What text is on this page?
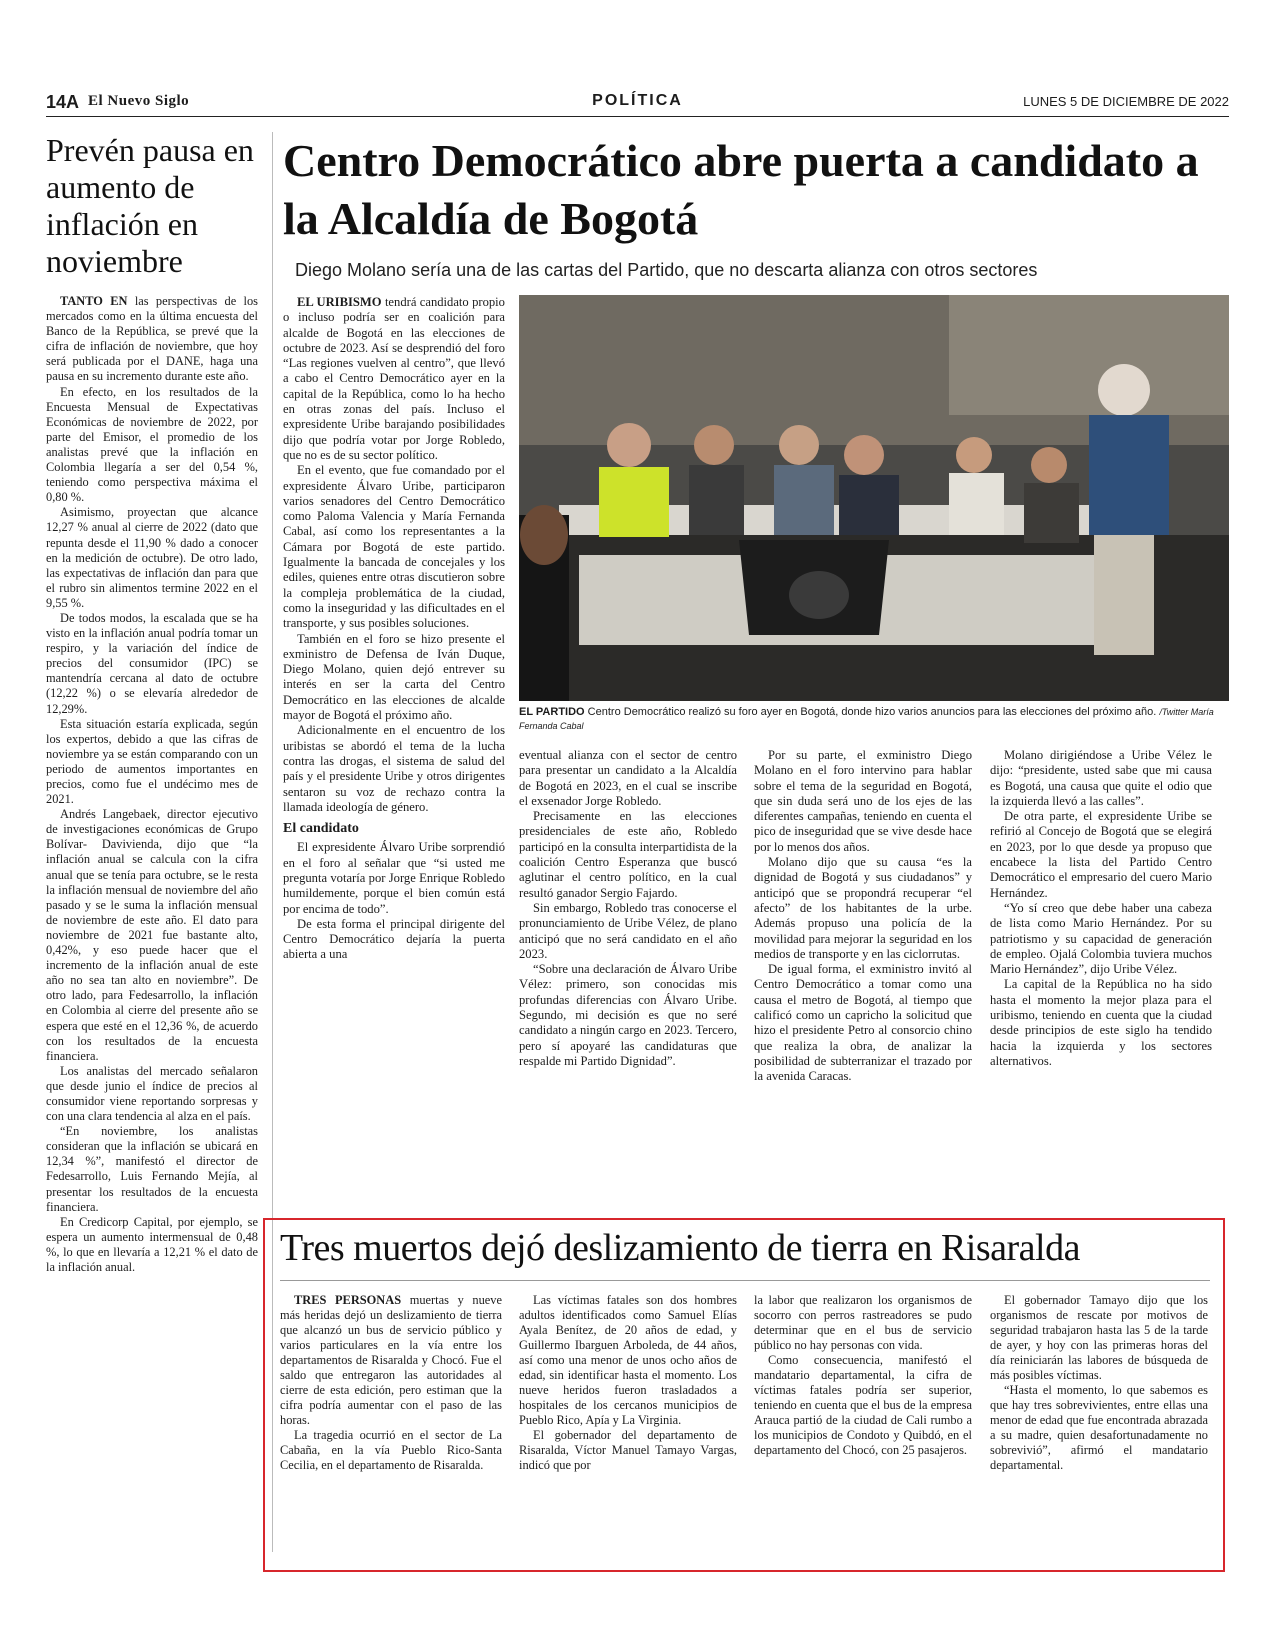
14A El Nuevo Siglo	POLÍTICA	LUNES 5 DE DICIEMBRE DE 2022
Prevén pausa en aumento de inflación en noviembre

TANTO EN las perspectivas de los mercados como en la última encuesta del Banco de la República, se prevé que la cifra de inflación de noviembre, que hoy será publicada por el DANE, haga una pausa en su incremento durante este año.

En efecto, en los resultados de la Encuesta Mensual de Expectativas Económicas de noviembre de 2022, por parte del Emisor, el promedio de los analistas prevé que la inflación en Colombia llegaría a ser del 0,54 %, teniendo como perspectiva máxima el 0,80 %.

Asimismo, proyectan que alcance 12,27 % anual al cierre de 2022 (dato que repunta desde el 11,90 % dado a conocer en la medición de octubre). De otro lado, las expectativas de inflación dan para que el rubro sin alimentos termine 2022 en el 9,55 %.

De todos modos, la escalada que se ha visto en la inflación anual podría tomar un respiro, y la variación del índice de precios del consumidor (IPC) se mantendría cercana al dato de octubre (12,22 %) o se elevaría alrededor de 12,29%.

Esta situación estaría explicada, según los expertos, debido a que las cifras de noviembre ya se están comparando con un periodo de aumentos importantes en precios, como fue el undécimo mes de 2021.

Andrés Langebaek, director ejecutivo de investigaciones económicas de Grupo Bolívar- Davivienda, dijo que “la inflación anual se calcula con la cifra anual que se tenía para octubre, se le resta la inflación mensual de noviembre del año pasado y se le suma la inflación mensual de noviembre de este año. El dato para noviembre de 2021 fue bastante alto, 0,42%, y eso puede hacer que el incremento de la inflación anual de este año no sea tan alto en noviembre”. De otro lado, para Fedesarrollo, la inflación en Colombia al cierre del presente año se espera que esté en el 12,36 %, de acuerdo con los resultados de la encuesta financiera.

Los analistas del mercado señalaron que desde junio el índice de precios al consumidor viene reportando sorpresas y con una clara tendencia al alza en el país.

“En noviembre, los analistas consideran que la inflación se ubicará en 12,34 %”, manifestó el director de Fedesarrollo, Luis Fernando Mejía, al presentar los resultados de la encuesta financiera.

En Credicorp Capital, por ejemplo, se espera un aumento intermensual de 0,48 %, lo que en llevaría a 12,21 % el dato de la inflación anual.

Centro Democrático abre puerta a candidato a la Alcaldía de Bogotá

Diego Molano sería una de las cartas del Partido, que no descarta alianza con otros sectores

EL PARTIDO Centro Democrático realizó su foro ayer en Bogotá, donde hizo varios anuncios para las elecciones del próximo año. /Twitter María Fernanda Cabal

EL URIBISMO tendrá candidato propio o incluso podría ser en coalición para alcalde de Bogotá en las elecciones de octubre de 2023. Así se desprendió del foro “Las regiones vuelven al centro”, que llevó a cabo el Centro Democrático ayer en la capital de la República, como lo ha hecho en otras zonas del país. Incluso el expresidente Uribe barajando posibilidades dijo que podría votar por Jorge Robledo, que no es de su sector político.

En el evento, que fue comandado por el expresidente Álvaro Uribe, participaron varios senadores del Centro Democrático como Paloma Valencia y María Fernanda Cabal, así como los representantes a la Cámara por Bogotá de este partido. Igualmente la bancada de concejales y los ediles, quienes entre otras discutieron sobre la compleja problemática de la ciudad, como la inseguridad y las dificultades en el transporte, y sus posibles soluciones.

También en el foro se hizo presente el exministro de Defensa de Iván Duque, Diego Molano, quien dejó entrever su interés en ser la carta del Centro Democrático en las elecciones de alcalde mayor de Bogotá el próximo año.

Adicionalmente en el encuentro de los uribistas se abordó el tema de la lucha contra las drogas, el sistema de salud del país y el presidente Uribe y otros dirigentes sentaron su voz de rechazo contra la llamada ideología de género.

El candidato

El expresidente Álvaro Uribe sorprendió en el foro al señalar que “si usted me pregunta votaría por Jorge Enrique Robledo humildemente, porque el bien común está por encima de todo”.

De esta forma el principal dirigente del Centro Democrático dejaría la puerta abierta a una

eventual alianza con el sector de centro para presentar un candidato a la Alcaldía de Bogotá en 2023, en el cual se inscribe el exsenador Jorge Robledo.

Precisamente en las elecciones presidenciales de este año, Robledo participó en la consulta interpartidista de la coalición Centro Esperanza que buscó aglutinar el centro político, en la cual resultó ganador Sergio Fajardo.

Sin embargo, Robledo tras conocerse el pronunciamiento de Uribe Vélez, de plano anticipó que no será candidato en el año 2023.

“Sobre una declaración de Álvaro Uribe Vélez: primero, son conocidas mis profundas diferencias con Álvaro Uribe. Segundo, mi decisión es que no seré candidato a ningún cargo en 2023. Tercero, pero sí apoyaré las candidaturas que respalde mi Partido Dignidad”.

Por su parte, el exministro Diego Molano en el foro intervino para hablar sobre el tema de la seguridad en Bogotá, que sin duda será uno de los ejes de las diferentes campañas, teniendo en cuenta el pico de inseguridad que se vive desde hace por lo menos dos años.

Molano dijo que su causa “es la dignidad de Bogotá y sus ciudadanos” y anticipó que se propondrá recuperar “el afecto” de los habitantes de la urbe. Además propuso una policía de la movilidad para mejorar la seguridad en los medios de transporte y en las ciclorrutas.

De igual forma, el exministro invitó al Centro Democrático a tomar como una causa el metro de Bogotá, al tiempo que calificó como un capricho la solicitud que hizo el presidente Petro al consorcio chino que realiza la obra, de analizar la posibilidad de subterranizar el trazado por la avenida Caracas.

Molano dirigiéndose a Uribe Vélez le dijo: “presidente, usted sabe que mi causa es Bogotá, una causa que quite el odio que la izquierda llevó a las calles”.

De otra parte, el expresidente Uribe se refirió al Concejo de Bogotá que se elegirá en 2023, por lo que desde ya propuso que encabece la lista del Partido Centro Democrático el empresario del cuero Mario Hernández.

“Yo sí creo que debe haber una cabeza de lista como Mario Hernández. Por su patriotismo y su capacidad de generación de empleo. Ojalá Colombia tuviera muchos Mario Hernández”, dijo Uribe Vélez.

La capital de la República no ha sido hasta el momento la mejor plaza para el uribismo, teniendo en cuenta que la ciudad desde principios de este siglo ha tendido hacia la izquierda y los sectores alternativos.

Tres muertos dejó deslizamiento de tierra en Risaralda

TRES PERSONAS muertas y nueve más heridas dejó un deslizamiento de tierra que alcanzó un bus de servicio público y varios particulares en la vía entre los departamentos de Risaralda y Chocó. Fue el saldo que entregaron las autoridades al cierre de esta edición, pero estiman que la cifra podría aumentar con el paso de las horas.

La tragedia ocurrió en el sector de La Cabaña, en la vía Pueblo Rico-Santa Cecilia, en el departamento de Risaralda.

Las víctimas fatales son dos hombres adultos identificados como Samuel Elías Ayala Benítez, de 20 años de edad, y Guillermo Ibarguen Arboleda, de 44 años, así como una menor de unos ocho años de edad, sin identificar hasta el momento. Los nueve heridos fueron trasladados a hospitales de los cercanos municipios de Pueblo Rico, Apía y La Virginia.

El gobernador del departamento de Risaralda, Víctor Manuel Tamayo Vargas, indicó que por

la labor que realizaron los organismos de socorro con perros rastreadores se pudo determinar que en el bus de servicio público no hay personas con vida.

Como consecuencia, manifestó el mandatario departamental, la cifra de víctimas fatales podría ser superior, teniendo en cuenta que el bus de la empresa Arauca partió de la ciudad de Cali rumbo a los municipios de Condoto y Quibdó, en el departamento del Chocó, con 25 pasajeros.

El gobernador Tamayo dijo que los organismos de rescate por motivos de seguridad trabajaron hasta las 5 de la tarde de ayer, y hoy con las primeras horas del día reiniciarán las labores de búsqueda de más posibles víctimas.

“Hasta el momento, lo que sabemos es que hay tres sobrevivientes, entre ellas una menor de edad que fue encontrada abrazada a su madre, quien desafortunadamente no sobrevivió”, afirmó el mandatario departamental.
